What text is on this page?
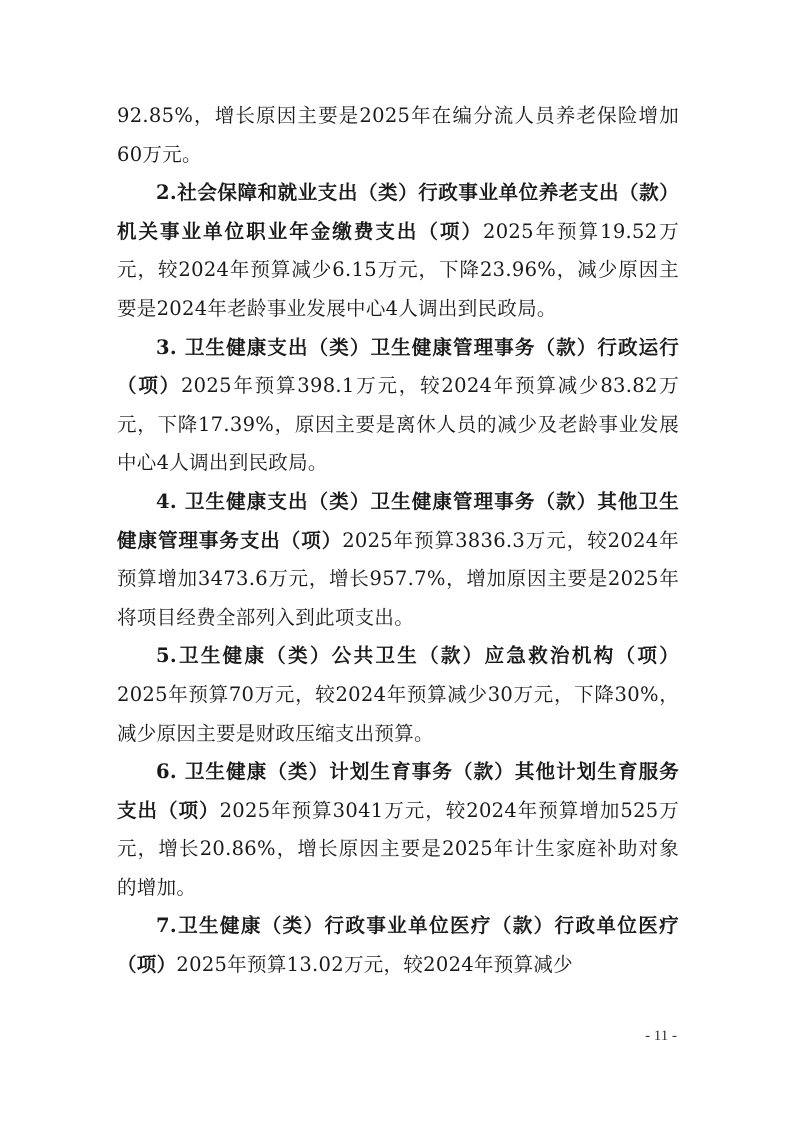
92.85%，增长原因主要是2025年在编分流人员养老保险增加60万元。

2.社会保障和就业支出（类）行政事业单位养老支出（款）机关事业单位职业年金缴费支出（项）2025年预算19.52万元，较2024年预算减少6.15万元，下降23.96%，减少原因主要是2024年老龄事业发展中心4人调出到民政局。

3. 卫生健康支出（类）卫生健康管理事务（款）行政运行（项）2025年预算398.1万元，较2024年预算减少83.82万元，下降17.39%，原因主要是离休人员的减少及老龄事业发展中心4人调出到民政局。

4. 卫生健康支出（类）卫生健康管理事务（款）其他卫生健康管理事务支出（项）2025年预算3836.3万元，较2024年预算增加3473.6万元，增长957.7%，增加原因主要是2025年将项目经费全部列入到此项支出。

5.卫生健康（类）公共卫生（款）应急救治机构（项）2025年预算70万元，较2024年预算减少30万元，下降30%，减少原因主要是财政压缩支出预算。

6. 卫生健康（类）计划生育事务（款）其他计划生育服务支出（项）2025年预算3041万元，较2024年预算增加525万元，增长20.86%，增长原因主要是2025年计生家庭补助对象的增加。

7.卫生健康（类）行政事业单位医疗（款）行政单位医疗（项）2025年预算13.02万元，较2024年预算减少

- 11 -
